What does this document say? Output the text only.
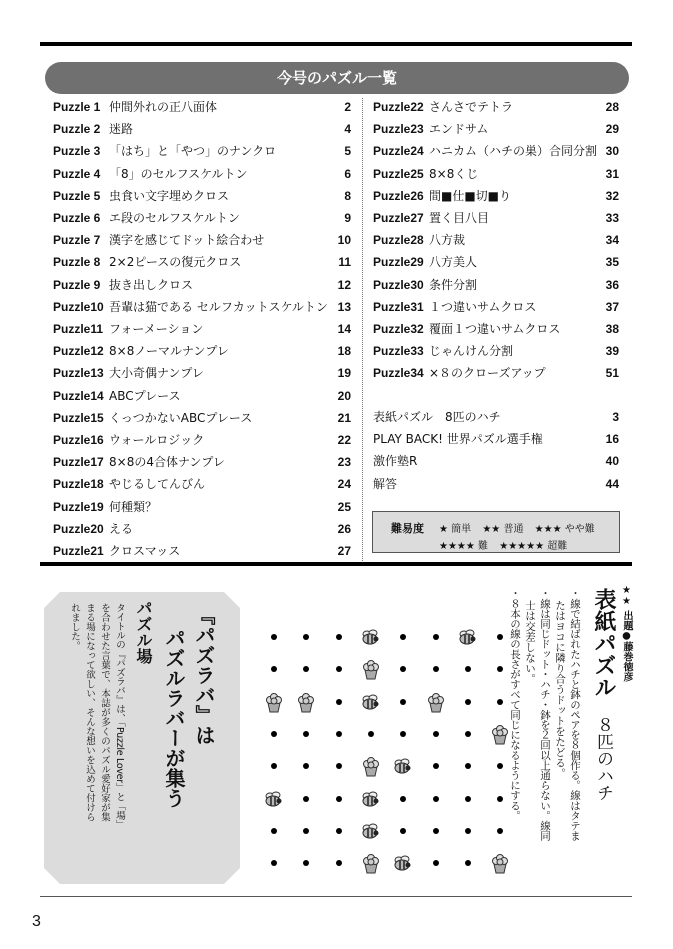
今号のパズル一覧
Puzzle 1 仲間外れの正八面体	2
Puzzle 2 迷路	4
Puzzle 3 「はち」と「やつ」のナンクロ	5
Puzzle 4 「8」のセルフスケルトン	6
Puzzle 5 虫食い文字埋めクロス	8
Puzzle 6 エ段のセルフスケルトン	9
Puzzle 7 漢字を感じてドット絵合わせ	10
Puzzle 8 2×2ピースの復元クロス	11
Puzzle 9 抜き出しクロス	12
Puzzle10 吾輩は猫である セルフカットスケルトン 13
Puzzle11 フォーメーション	14
Puzzle12 8×8ノーマルナンプレ	18
Puzzle13 大小奇偶ナンプレ	19
Puzzle14 ABCプレース	20
Puzzle15 くっつかないABCプレース	21
Puzzle16 ウォールロジック	22
Puzzle17 8×8の4合体ナンプレ	23
Puzzle18 やじるしてんびん	24
Puzzle19 何種類？	25
Puzzle20 える	26
Puzzle21 クロスマッス	27
Puzzle22 さんさでテトラ	28
Puzzle23 エンドサム	29
Puzzle24 ハニカム（ハチの巣）合同分割 30
Puzzle25 8×8くじ	31
Puzzle26 間■仕■切■り	32
Puzzle27 置く目八目	33
Puzzle28 八方裁	34
Puzzle29 八方美人	35
Puzzle30 条件分割	36
Puzzle31 １つ違いサムクロス	37
Puzzle32 覆面１つ違いサムクロス	38
Puzzle33 じゃんけん分割	39
Puzzle34 ×８のクローズアップ	51
表紙パズル　8匹のハチ	3
PLAY BACK! 世界パズル選手権	16
激作塾R	40
解答	44
難易度 ★ 簡単 ★★ 普通 ★★★ やや難
★★★★ 難 ★★★★★ 超難
『パズラバ』は
パズルラバーが集う
パズル場
タイトルの『パズラバ』は、「Puzzle Lover」と「場」
を合わせた言葉で、本誌が多くのパズル愛好家が集
まる場になって欲しい、そんな想いを込めて付けら
れました。	★★ 出題●藤巻徳彦
表紙パズル
８匹のハチ
・線で結ばれたハチと鉢のペアを８個作る。線はタテま
たはヨコに隣り合うドットをたどる。
・線は同じドット・ハチ・鉢を２回以上通らない。線同
士は交差しない。
・８本の線の長さがすべて同じになるようにする。
3
